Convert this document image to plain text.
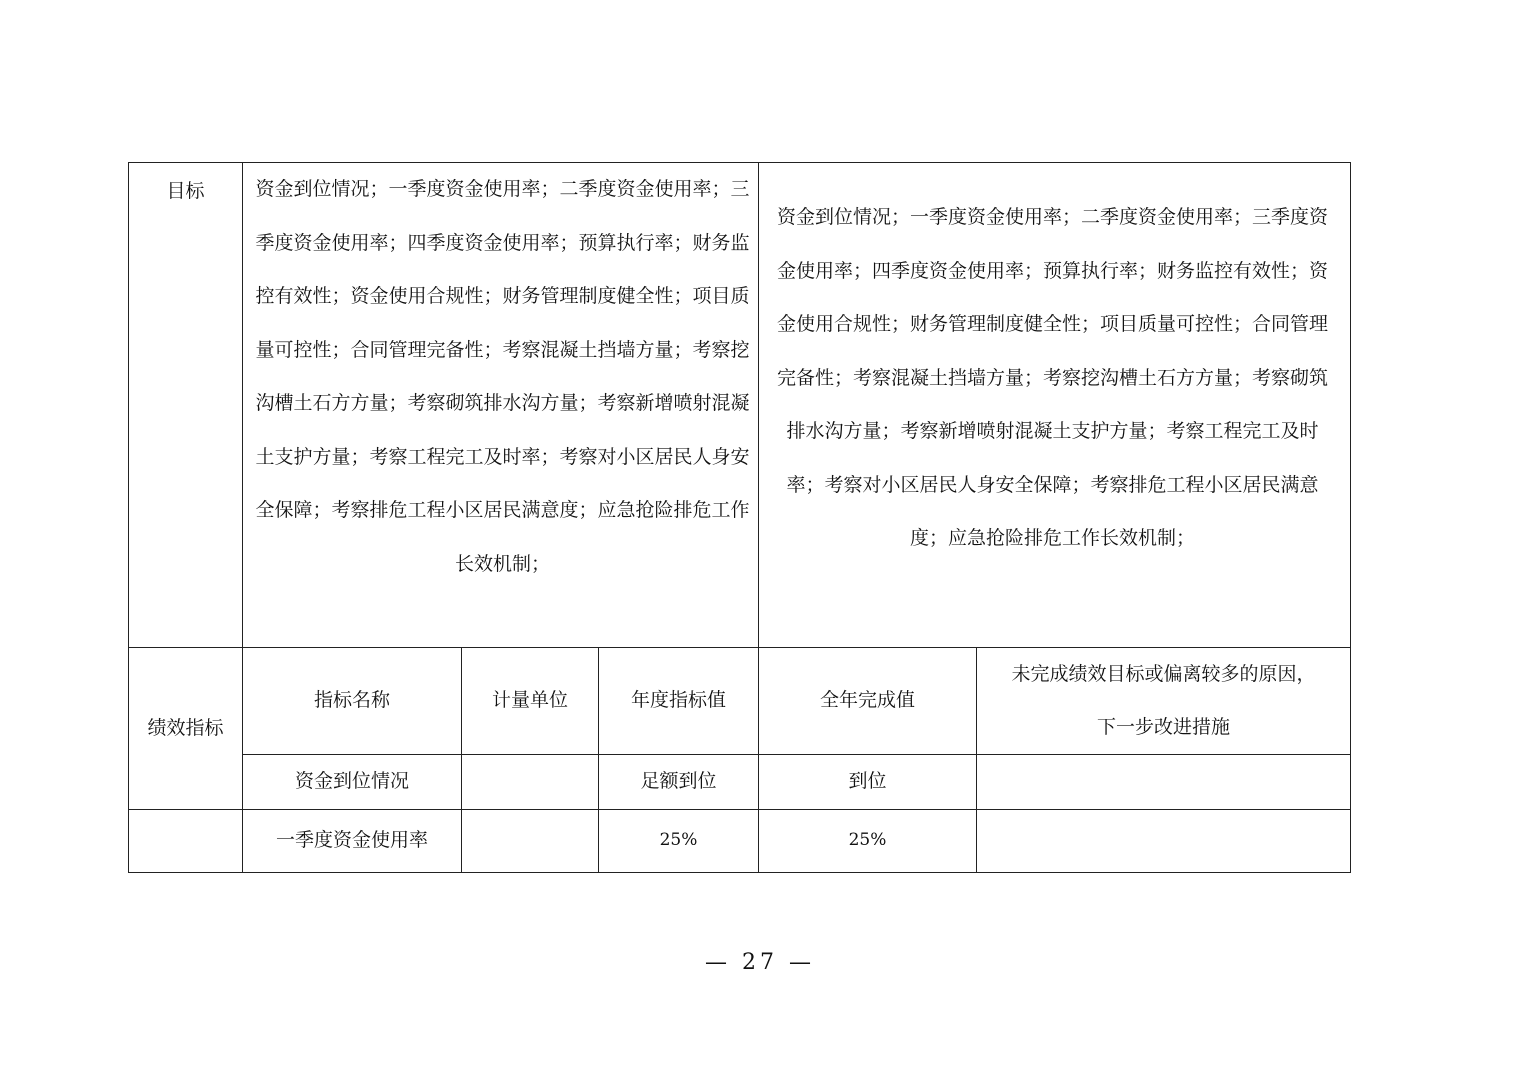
目标	资金到位情况；一季度资金使用率；二季度资金使用率；三季度资金使用率；四季度资金使用率；预算执行率；财务监控有效性；资金使用合规性；财务管理制度健全性；项目质量可控性；合同管理完备性；考察混凝土挡墙方量；考察挖沟槽土石方方量；考察砌筑排水沟方量；考察新增喷射混凝土支护方量；考察工程完工及时率；考察对小区居民人身安全保障；考察排危工程小区居民满意度；应急抢险排危工作长效机制；			资金到位情况；一季度资金使用率；二季度资金使用率；三季度资金使用率；四季度资金使用率；预算执行率；财务监控有效性；资金使用合规性；财务管理制度健全性；项目质量可控性；合同管理完备性；考察混凝土挡墙方量；考察挖沟槽土石方方量；考察砌筑排水沟方量；考察新增喷射混凝土支护方量；考察工程完工及时率；考察对小区居民人身安全保障；考察排危工程小区居民满意度；应急抢险排危工作长效机制；	

绩效指标	指标名称	计量单位	年度指标值	全年完成值	未完成绩效目标或偏离较多的原因，
下一步改进措施

	资金到位情况		足额到位	到位	
	一季度资金使用率		25%	25%	
— 27 —
